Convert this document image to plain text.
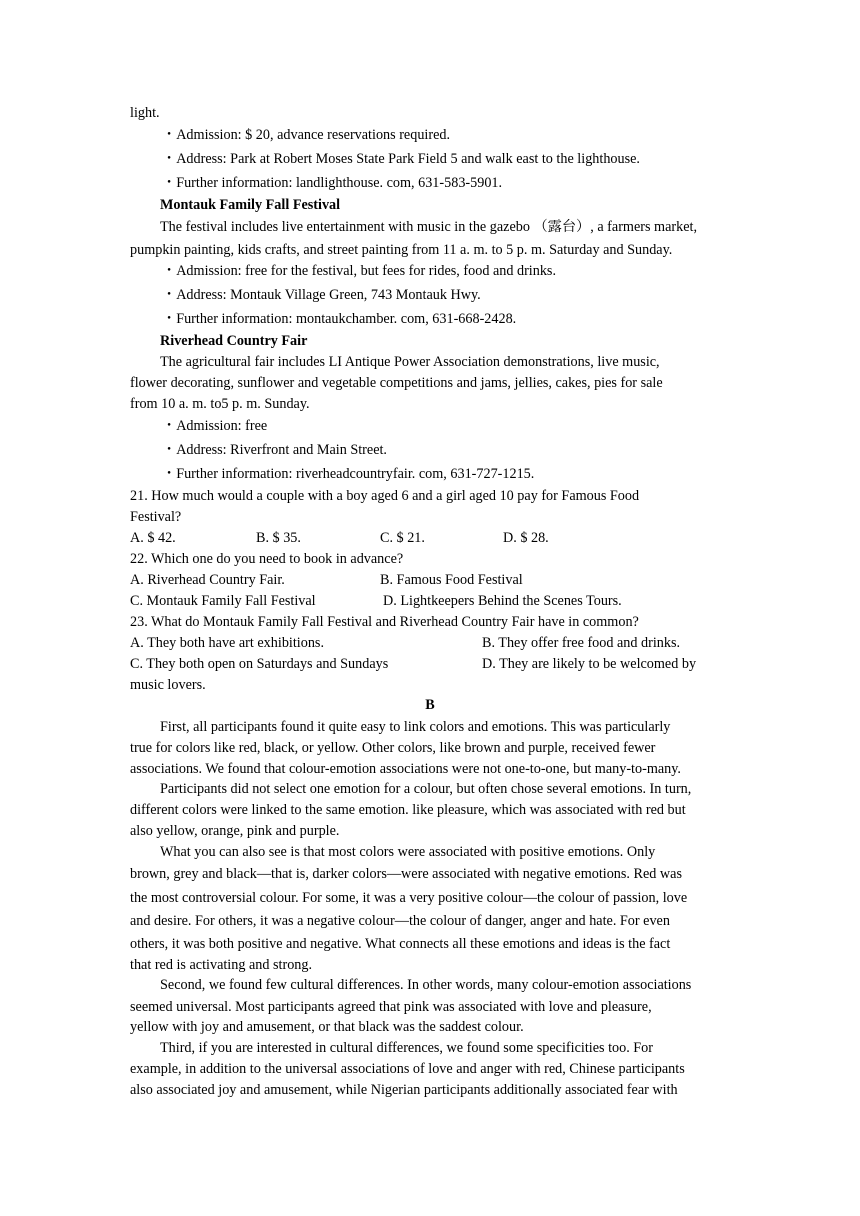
light.
・Admission: $ 20, advance reservations required.
・Address: Park at Robert Moses State Park Field 5 and walk east to the lighthouse.
・Further information: landlighthouse. com, 631-583-5901.
Montauk Family Fall Festival
The festival includes live entertainment with music in the gazebo （露台）, a farmers market,
pumpkin painting, kids crafts, and street painting from 11 a. m. to 5 p. m. Saturday and Sunday.
・Admission: free for the festival, but fees for rides, food and drinks.
・Address: Montauk Village Green, 743 Montauk Hwy.
・Further information: montaukchamber. com, 631-668-2428.
Riverhead Country Fair
The agricultural fair includes LI Antique Power Association demonstrations, live music,
flower decorating, sunflower and vegetable competitions and jams, jellies, cakes, pies for sale
from 10 a. m. to5 p. m. Sunday.
・Admission: free
・Address: Riverfront and Main Street.
・Further information: riverheadcountryfair. com, 631-727-1215.
21. How much would a couple with a boy aged 6 and a girl aged 10 pay for Famous Food
Festival?
A. $ 42.	B. $ 35.	C. $ 21.	D. $ 28.
22. Which one do you need to book in advance?
A. Riverhead Country Fair.	B. Famous Food Festival
C. Montauk Family Fall Festival	D. Lightkeepers Behind the Scenes Tours.
23. What do Montauk Family Fall Festival and Riverhead Country Fair have in common?
A. They both have art exhibitions.	B. They offer free food and drinks.
C. They both open on Saturdays and Sundays	D. They are likely to be welcomed by
music lovers.
B
First, all participants found it quite easy to link colors and emotions. This was particularly
true for colors like red, black, or yellow. Other colors, like brown and purple, received fewer
associations. We found that colour-emotion associations were not one-to-one, but many-to-many.
Participants did not select one emotion for a colour, but often chose several emotions. In turn,
different colors were linked to the same emotion. like pleasure, which was associated with red but
also yellow, orange, pink and purple.
What you can also see is that most colors were associated with positive emotions. Only
brown, grey and black—that is, darker colors—were associated with negative emotions. Red was
the most controversial colour. For some, it was a very positive colour—the colour of passion, love
and desire. For others, it was a negative colour—the colour of danger, anger and hate. For even
others, it was both positive and negative. What connects all these emotions and ideas is the fact
that red is activating and strong.
Second, we found few cultural differences. In other words, many colour-emotion associations
seemed universal. Most participants agreed that pink was associated with love and pleasure,
yellow with joy and amusement, or that black was the saddest colour.
Third, if you are interested in cultural differences, we found some specificities too. For
example, in addition to the universal associations of love and anger with red, Chinese participants
also associated joy and amusement, while Nigerian participants additionally associated fear with
